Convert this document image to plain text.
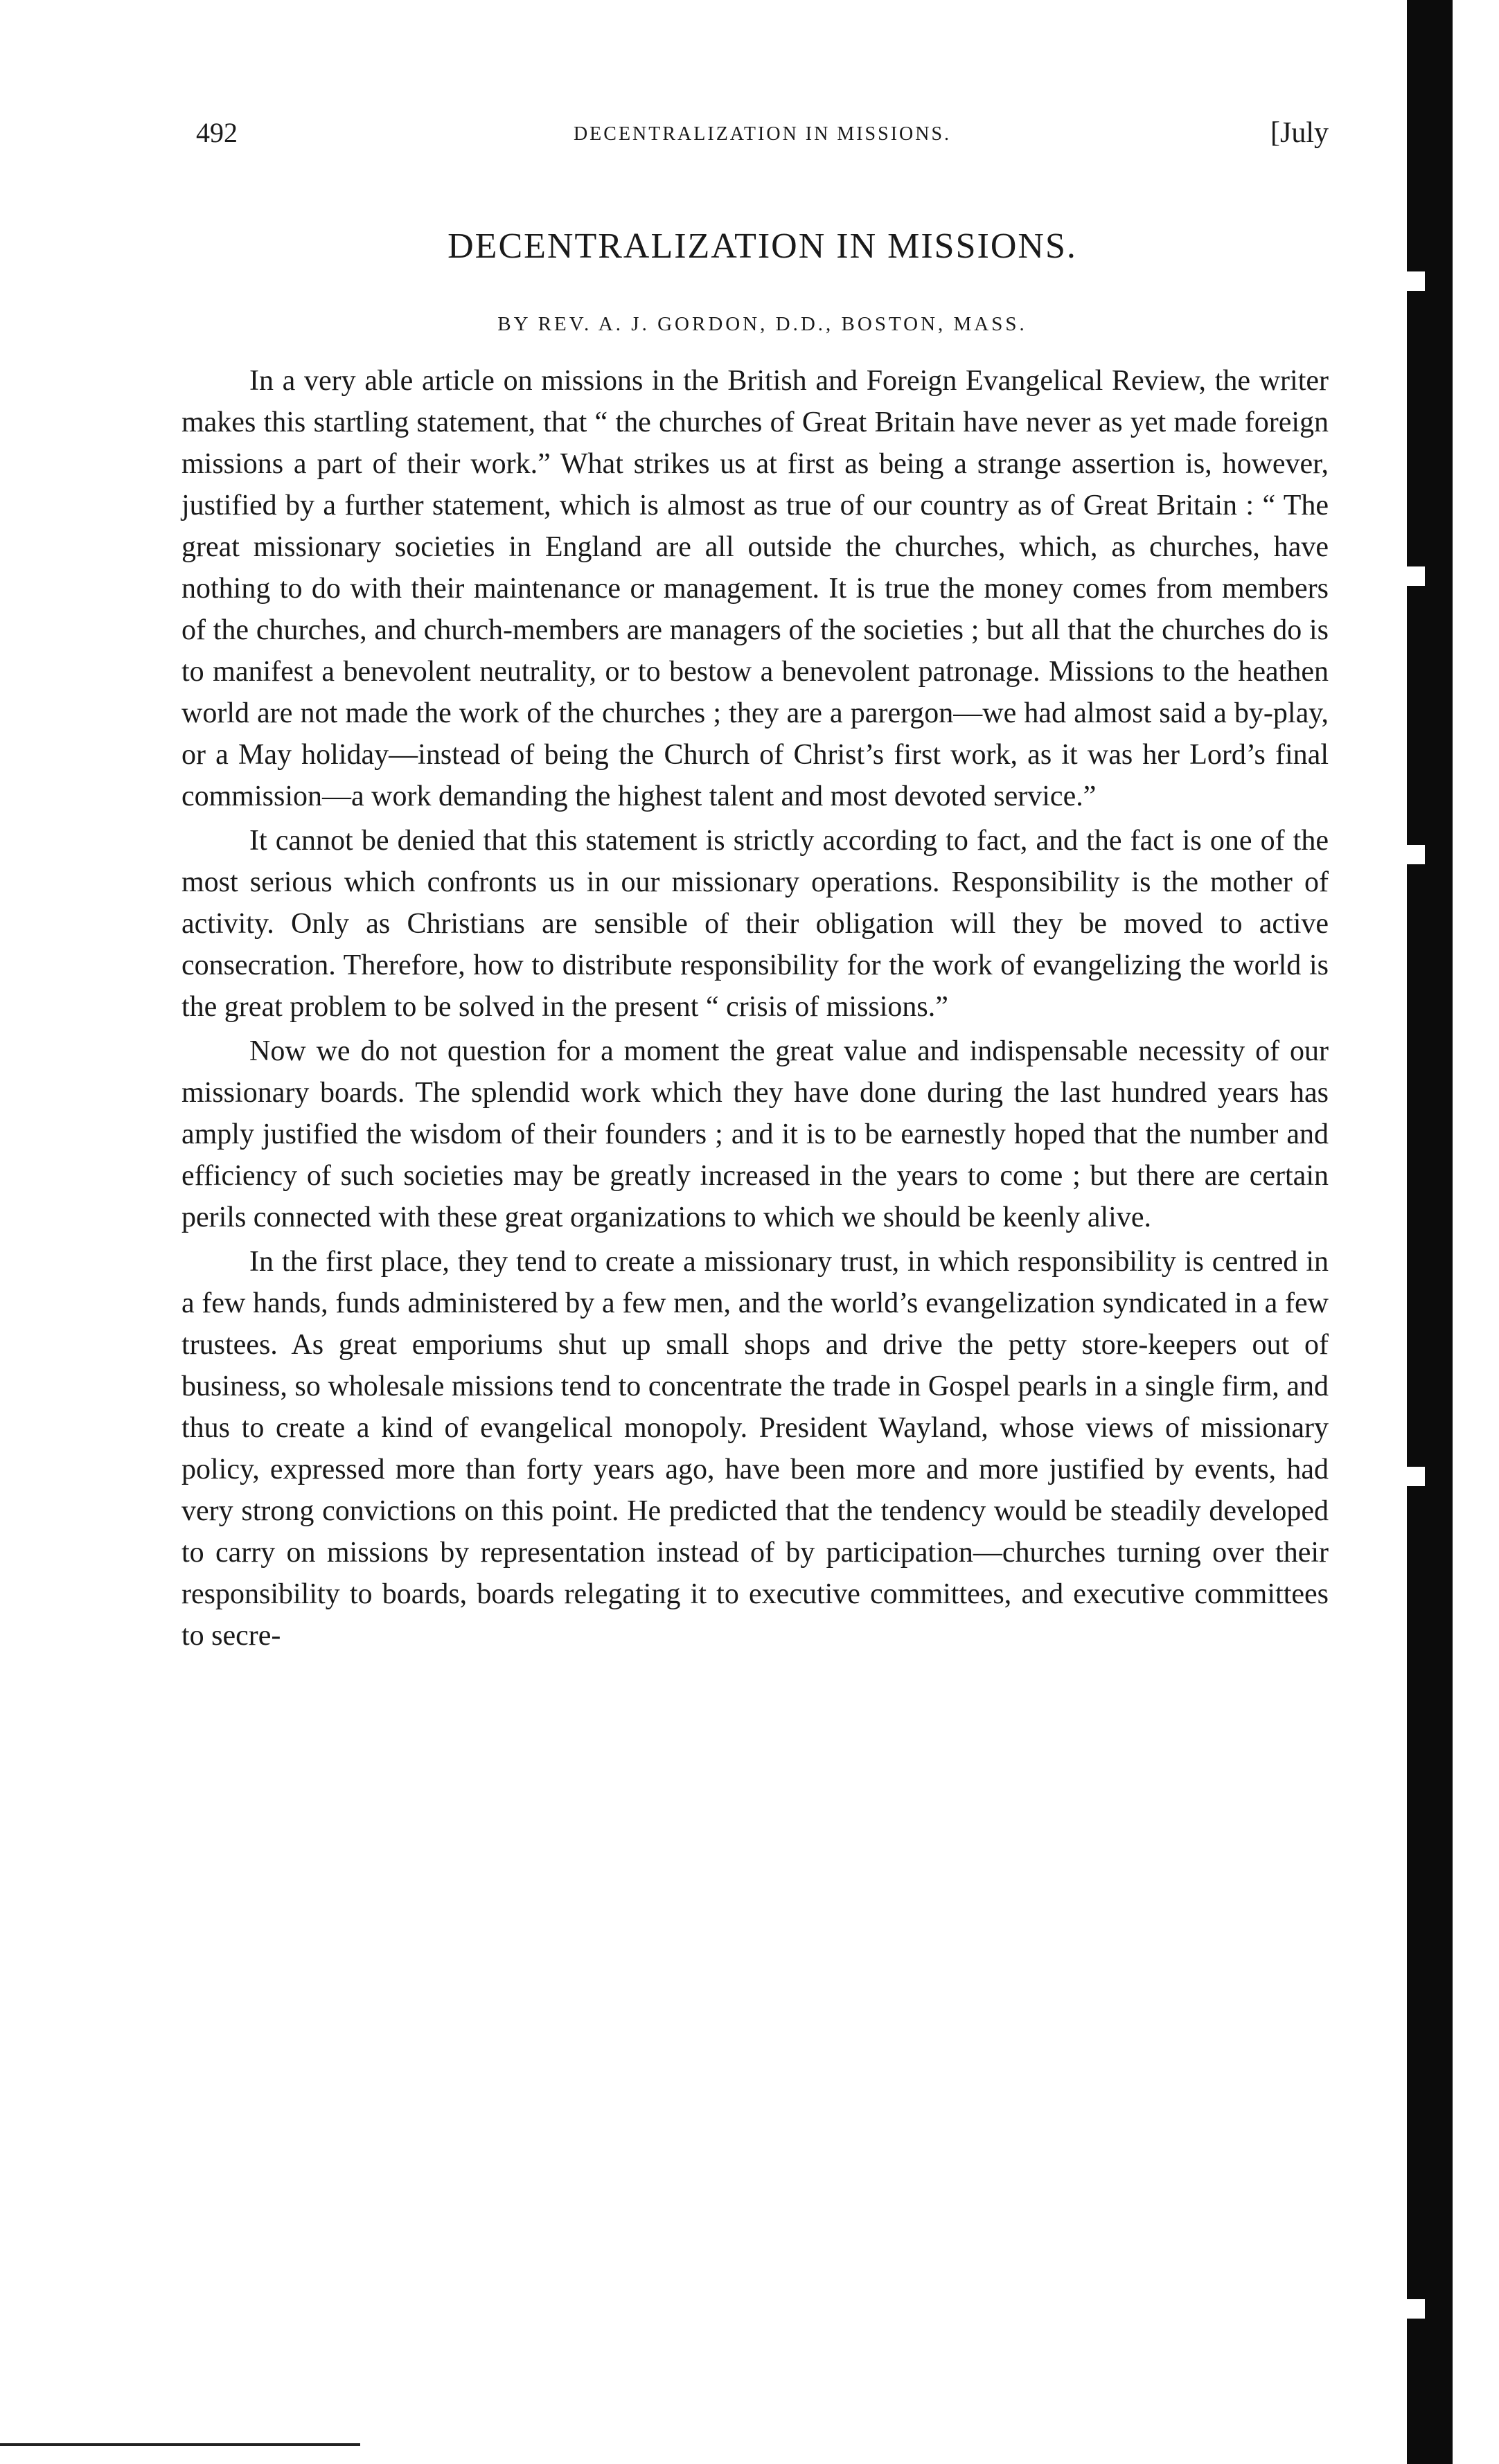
492	DECENTRALIZATION IN MISSIONS.	[July
DECENTRALIZATION IN MISSIONS.
BY REV. A. J. GORDON, D.D., BOSTON, MASS.

In a very able article on missions in the British and Foreign Evangelical Review, the writer makes this startling statement, that “ the churches of Great Britain have never as yet made foreign missions a part of their work.” What strikes us at first as being a strange assertion is, however, justified by a further statement, which is almost as true of our country as of Great Britain : “ The great missionary societies in England are all outside the churches, which, as churches, have nothing to do with their maintenance or management. It is true the money comes from members of the churches, and church-members are managers of the societies ; but all that the churches do is to manifest a benevolent neutrality, or to bestow a benevolent patronage. Missions to the heathen world are not made the work of the churches ; they are a parergon—we had almost said a by-play, or a May holiday—instead of being the Church of Christ’s first work, as it was her Lord’s final commission—a work demanding the highest talent and most devoted service.”

It cannot be denied that this statement is strictly according to fact, and the fact is one of the most serious which confronts us in our missionary operations. Responsibility is the mother of activity. Only as Christians are sensible of their obligation will they be moved to active consecration. Therefore, how to distribute responsibility for the work of evangelizing the world is the great problem to be solved in the present “ crisis of missions.”

Now we do not question for a moment the great value and indispensable necessity of our missionary boards. The splendid work which they have done during the last hundred years has amply justified the wisdom of their founders ; and it is to be earnestly hoped that the number and efficiency of such societies may be greatly increased in the years to come ; but there are certain perils connected with these great organizations to which we should be keenly alive.

In the first place, they tend to create a missionary trust, in which responsibility is centred in a few hands, funds administered by a few men, and the world’s evangelization syndicated in a few trustees. As great emporiums shut up small shops and drive the petty store-keepers out of business, so wholesale missions tend to concentrate the trade in Gospel pearls in a single firm, and thus to create a kind of evangelical monopoly. President Wayland, whose views of missionary policy, expressed more than forty years ago, have been more and more justified by events, had very strong convictions on this point. He predicted that the tendency would be steadily developed to carry on missions by representation instead of by participation—churches turning over their responsibility to boards, boards relegating it to executive committees, and executive committees to secre-
